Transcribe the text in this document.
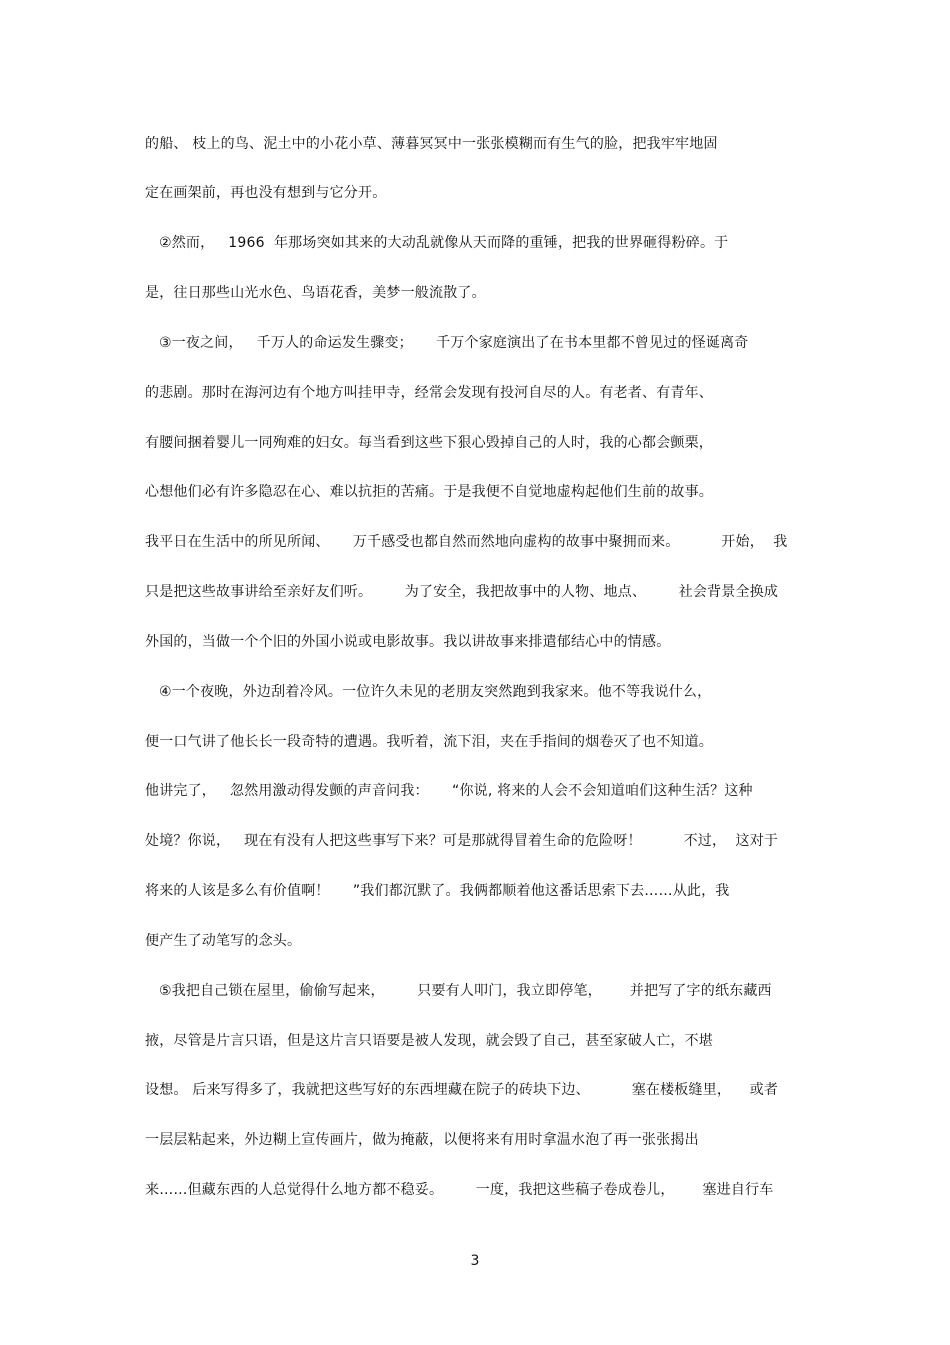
的船、 枝上的鸟、泥土中的小花小草、薄暮冥冥中一张张模糊而有生气的脸，把我牢牢地固
定在画架前，再也没有想到与它分开。
②然而，   1966  年那场突如其来的大动乱就像从天而降的重锤，把我的世界砸得粉碎。于
是，往日那些山光水色、鸟语花香，美梦一般流散了。
③一夜之间，   千万人的命运发生骤变；     千万个家庭演出了在书本里都不曾见过的怪诞离奇
的悲剧。那时在海河边有个地方叫挂甲寺，经常会发现有投河自尽的人。有老者、有青年、
有腰间捆着婴儿一同殉难的妇女。每当看到这些下狠心毁掉自己的人时，我的心都会颤栗，
心想他们必有许多隐忍在心、难以抗拒的苦痛。于是我便不自觉地虚构起他们生前的故事。
我平日在生活中的所见所闻、     万千感受也都自然而然地向虚构的故事中聚拥而来。         开始，  我
只是把这些故事讲给至亲好友们听。       为了安全，我把故事中的人物、地点、       社会背景全换成
外国的，当做一个个旧的外国小说或电影故事。我以讲故事来排遣郁结心中的情感。
④一个夜晚，外边刮着冷风。一位许久未见的老朋友突然跑到我家来。他不等我说什么，
便一口气讲了他长长一段奇特的遭遇。我听着，流下泪，夹在手指间的烟卷灭了也不知道。
他讲完了，   忽然用激动得发颤的声音问我：     “你说, 将来的人会不会知道咱们这种生活？这种
处境？你说，   现在有没有人把这些事写下来？可是那就得冒着生命的危险呀！         不过，  这对于
将来的人该是多么有价值啊！     ”我们都沉默了。我俩都顺着他这番话思索下去……从此，我
便产生了动笔写的念头。
⑤我把自己锁在屋里，偷偷写起来，       只要有人叩门，我立即停笔，      并把写了字的纸东藏西
掖，尽管是片言只语，但是这片言只语要是被人发现，就会毁了自己，甚至家破人亡，不堪
设想。 后来写得多了，我就把这些写好的东西埋藏在院子的砖块下边、         塞在楼板缝里，    或者
一层层粘起来，外边糊上宣传画片，做为掩蔽，以便将来有用时拿温水泡了再一张张揭出
来……但藏东西的人总觉得什么地方都不稳妥。       一度，我把这些稿子卷成卷儿，      塞进自行车
3
